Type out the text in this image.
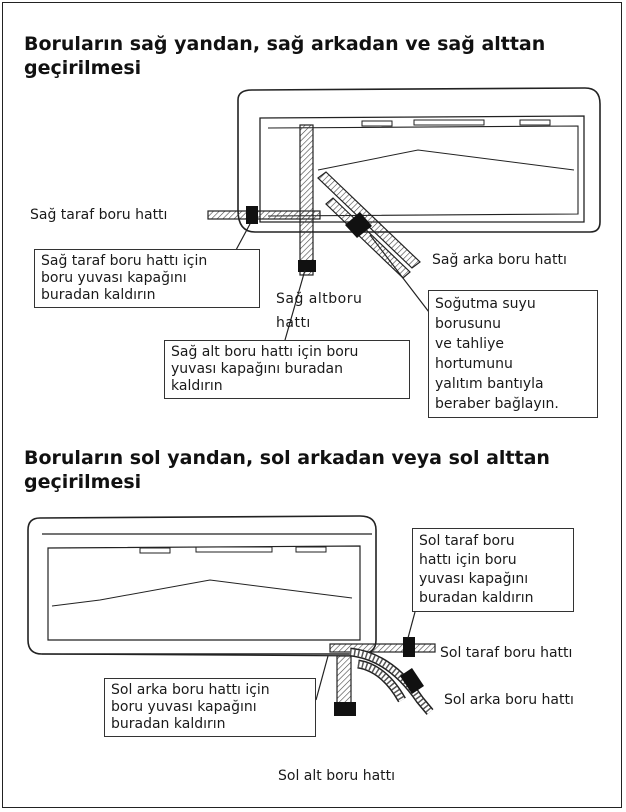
Boruların sağ yandan, sağ arkadan ve sağ alttan
geçirilmesi
Sağ taraf boru hattı
Sağ arka boru hattı
Sağ altboru
hattı
Sağ taraf boru hattı için
boru yuvası kapağını
buradan kaldırın
Sağ alt boru hattı için boru
yuvası kapağını buradan
kaldırın
Soğutma suyu
borusunu
ve tahliye
hortumunu
yalıtım bantıyla
beraber bağlayın.
Boruların sol yandan, sol arkadan veya sol alttan
geçirilmesi
Sol taraf boru
hattı için boru
yuvası kapağını
buradan kaldırın
Sol taraf boru hattı
Sol arka boru hattı
Sol arka boru hattı için
boru yuvası kapağını
buradan kaldırın
Sol alt boru hattı
